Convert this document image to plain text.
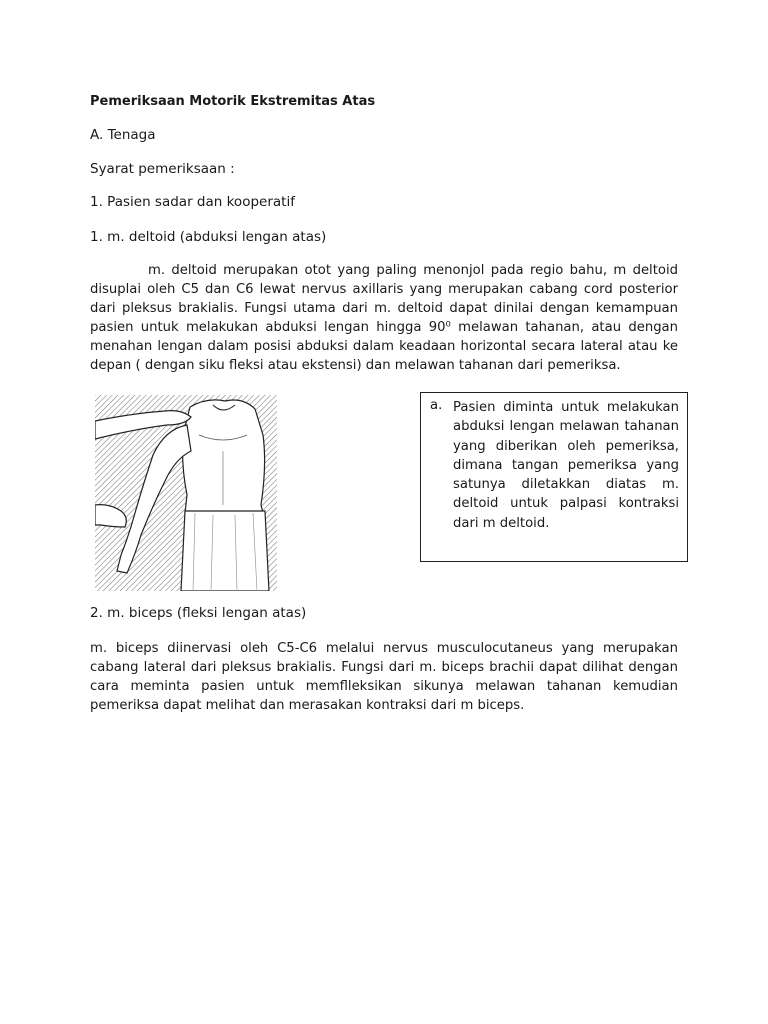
Pemeriksaan Motorik Ekstremitas Atas
A. Tenaga
Syarat pemeriksaan :
1. Pasien sadar dan kooperatif
1. m. deltoid (abduksi lengan atas)
m. deltoid merupakan otot yang paling menonjol pada regio bahu, m deltoid disuplai oleh C5 dan C6 lewat nervus axillaris yang merupakan cabang cord posterior dari pleksus brakialis. Fungsi utama dari m. deltoid dapat dinilai dengan kemampuan pasien untuk melakukan abduksi lengan hingga 90⁰ melawan tahanan, atau dengan menahan lengan dalam posisi abduksi dalam keadaan horizontal secara lateral atau ke depan ( dengan siku fleksi atau ekstensi) dan melawan tahanan dari pemeriksa.
a. Pasien diminta untuk melakukan abduksi lengan melawan tahanan yang diberikan oleh pemeriksa, dimana tangan pemeriksa yang satunya diletakkan diatas m. deltoid untuk palpasi kontraksi dari m deltoid.
2. m. biceps (fleksi lengan atas)
m. biceps diinervasi oleh C5-C6 melalui nervus musculocutaneus yang merupakan cabang lateral dari pleksus brakialis. Fungsi dari m. biceps brachii dapat dilihat dengan cara meminta pasien untuk memflleksikan sikunya melawan tahanan kemudian pemeriksa dapat melihat dan merasakan kontraksi dari m biceps.
